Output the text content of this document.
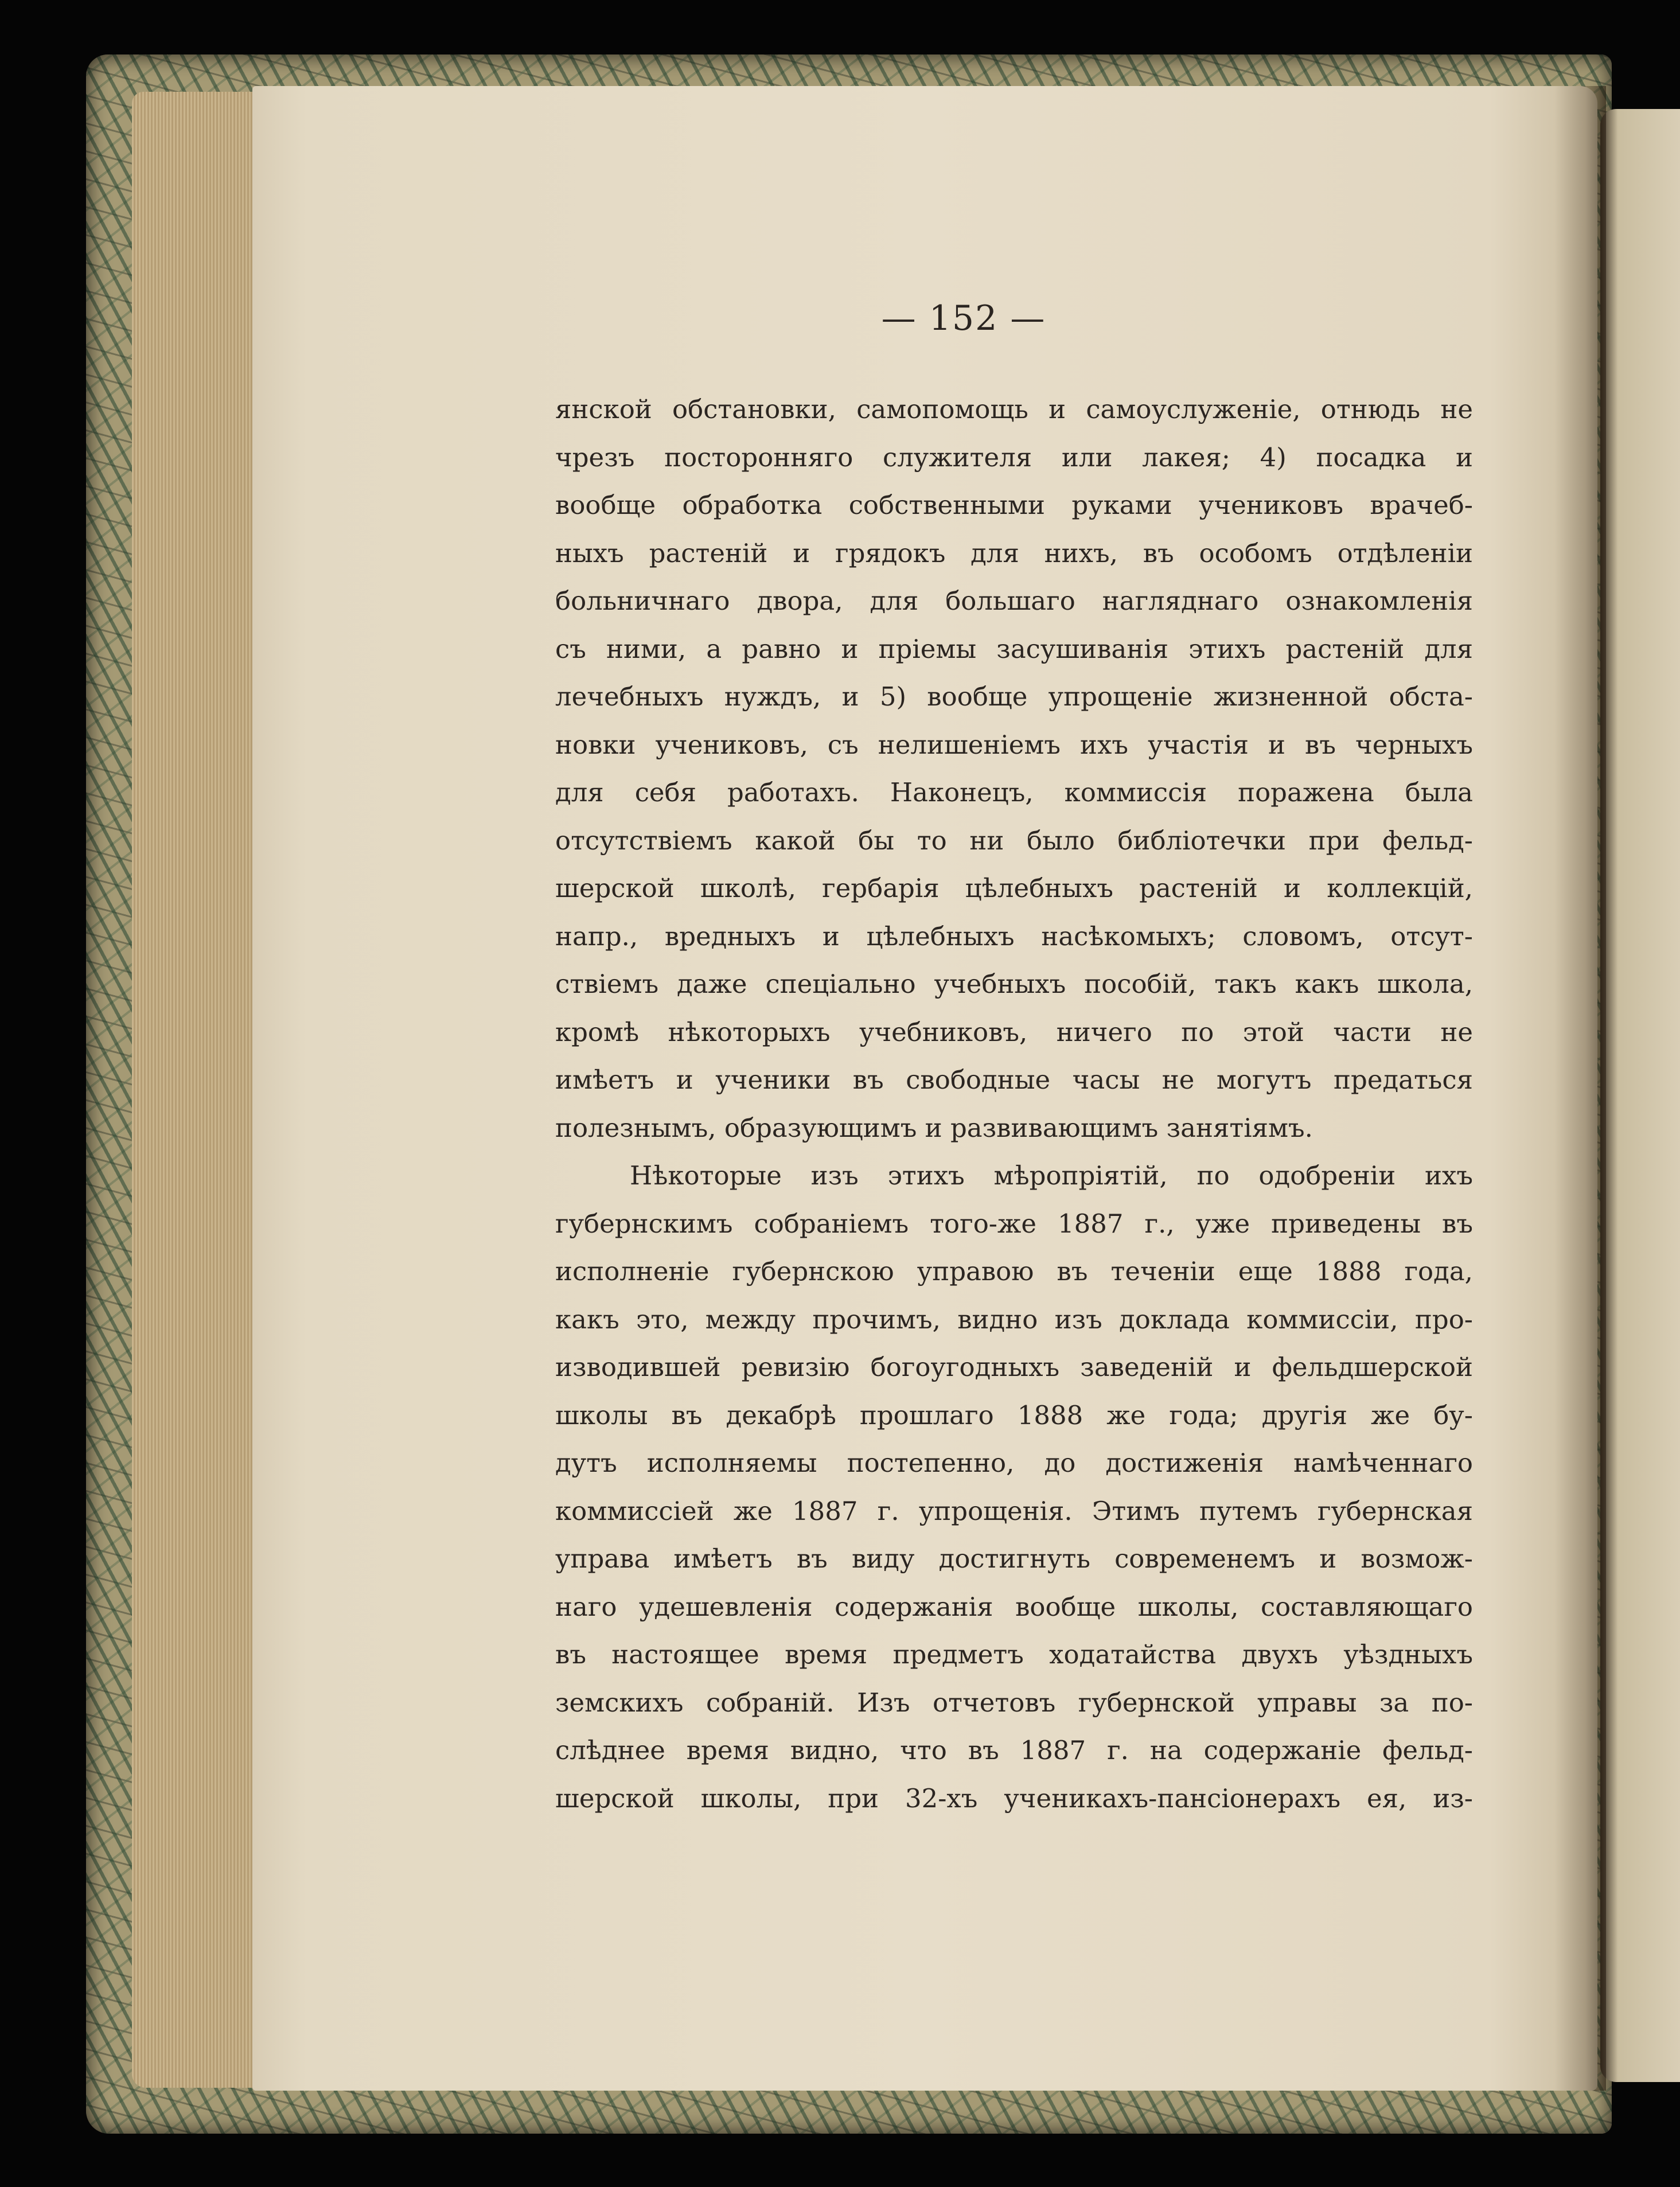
— 152 —
янской обстановки, самопомощь и самоуслуженіе, отнюдь не
чрезъ посторонняго служителя или лакея; 4) посадка и
вообще обработка собственными руками учениковъ врачеб-
ныхъ растеній и грядокъ для нихъ, въ особомъ отдѣленіи
больничнаго двора, для большаго нагляднаго ознакомленія
съ ними, а равно и пріемы засушиванія этихъ растеній для
лечебныхъ нуждъ, и 5) вообще упрощеніе жизненной обста-
новки учениковъ, съ нелишеніемъ ихъ участія и въ черныхъ
для себя работахъ. Наконецъ, коммиссія поражена была
отсутствіемъ какой бы то ни было библіотечки при фельд-
шерской школѣ, гербарія цѣлебныхъ растеній и коллекцій,
напр., вредныхъ и цѣлебныхъ насѣкомыхъ; словомъ, отсут-
ствіемъ даже спеціально учебныхъ пособій, такъ какъ школа,
кромѣ нѣкоторыхъ учебниковъ, ничего по этой части не
имѣетъ и ученики въ свободные часы не могутъ предаться
полезнымъ, образующимъ и развивающимъ занятіямъ.
Нѣкоторые изъ этихъ мѣропріятій, по одобреніи ихъ
губернскимъ собраніемъ того-же 1887 г., уже приведены въ
исполненіе губернскою управою въ теченіи еще 1888 года,
какъ это, между прочимъ, видно изъ доклада коммиссіи, про-
изводившей ревизію богоугодныхъ заведеній и фельдшерской
школы въ декабрѣ прошлаго 1888 же года; другія же бу-
дутъ исполняемы постепенно, до достиженія намѣченнаго
коммиссіей же 1887 г. упрощенія. Этимъ путемъ губернская
управа имѣетъ въ виду достигнуть современемъ и возмож-
наго удешевленія содержанія вообще школы, составляющаго
въ настоящее время предметъ ходатайства двухъ уѣздныхъ
земскихъ собраній. Изъ отчетовъ губернской управы за по-
слѣднее время видно, что въ 1887 г. на содержаніе фельд-
шерской школы, при 32-хъ ученикахъ-пансіонерахъ ея, из-
